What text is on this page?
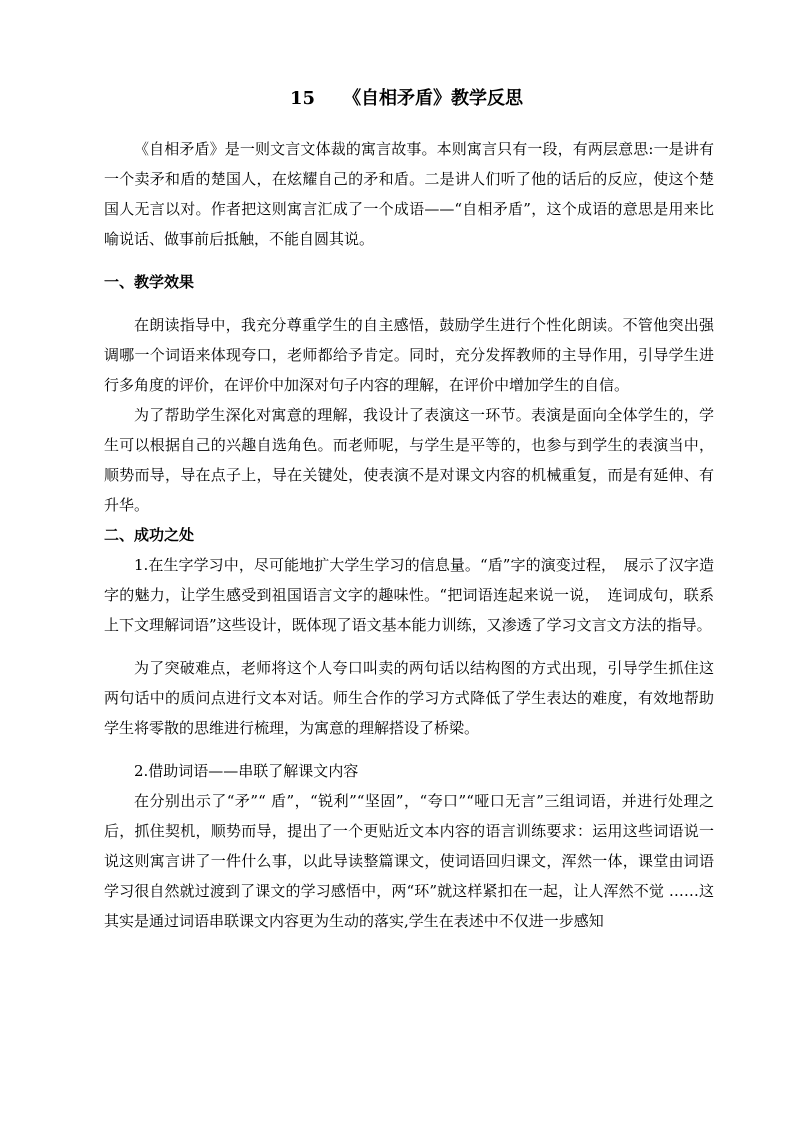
15 《自相矛盾》教学反思

《自相矛盾》是一则文言文体裁的寓言故事。本则寓言只有一段，有两层意思:一是讲有一个卖矛和盾的楚国人，在炫耀自己的矛和盾。二是讲人们听了他的话后的反应，使这个楚国人无言以对。作者把这则寓言汇成了一个成语——“自相矛盾”，这个成语的意思是用来比喻说话、做事前后抵触，不能自圆其说。

一、教学效果

在朗读指导中，我充分尊重学生的自主感悟，鼓励学生进行个性化朗读。不管他突出强调哪一个词语来体现夸口，老师都给予肯定。同时，充分发挥教师的主导作用，引导学生进行多角度的评价，在评价中加深对句子内容的理解，在评价中增加学生的自信。

为了帮助学生深化对寓意的理解，我设计了表演这一环节。表演是面向全体学生的，学生可以根据自己的兴趣自选角色。而老师呢，与学生是平等的，也参与到学生的表演当中，顺势而导，导在点子上，导在关键处，使表演不是对课文内容的机械重复，而是有延伸、有升华。

二、成功之处

1.在生字学习中，尽可能地扩大学生学习的信息量。“盾”字的演变过程，　展示了汉字造字的魅力，让学生感受到祖国语言文字的趣味性。“把词语连起来说一说，　连词成句，联系上下文理解词语”这些设计，既体现了语文基本能力训练，又渗透了学习文言文方法的指导。

为了突破难点，老师将这个人夸口叫卖的两句话以结构图的方式出现，引导学生抓住这两句话中的质问点进行文本对话。师生合作的学习方式降低了学生表达的难度，有效地帮助学生将零散的思维进行梳理，为寓意的理解搭设了桥梁。

2.借助词语——串联了解课文内容

在分别出示了“矛”“ 盾”，“锐利”“坚固”，“夸口”“哑口无言”三组词语，并进行处理之后，抓住契机，顺势而导，提出了一个更贴近文本内容的语言训练要求：运用这些词语说一说这则寓言讲了一件什么事，以此导读整篇课文，使词语回归课文，浑然一体，课堂由词语学习很自然就过渡到了课文的学习感悟中，两“环”就这样紧扣在一起，让人浑然不觉 ……这其实是通过词语串联课文内容更为生动的落实,学生在表述中不仅进一步感知
